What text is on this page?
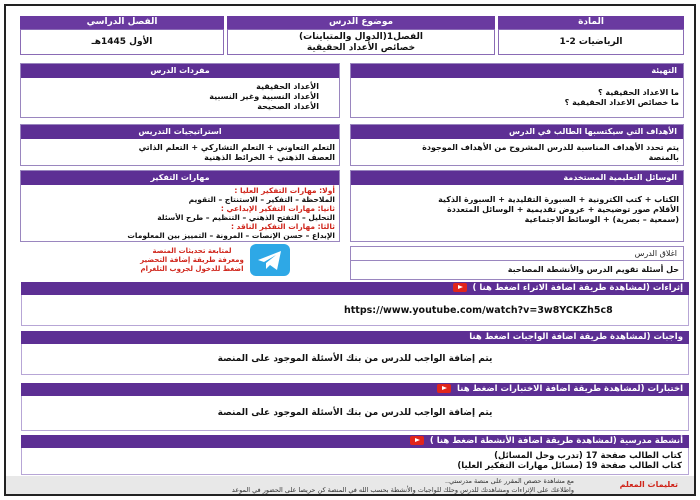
المادة
موضوع الدرس
الفصل الدراسي
الرياضيات 2-1
الفصل1(الدوال والمتباينات)
خصائص الأعداد الحقيقية
الأول 1445هـ
مفردات الدرس
الأعداد الحقيقية
الأعداد النسبية وغير النسبية
الأعداد الصحيحة
التهيئة
ما الاعداد الحقيقية ؟
ما خصائص الاعداد الحقيقية ؟
استراتيجيات التدريس
التعلم التعاوني + التعلم التشاركي + التعلم الذاتي
العصف الذهني + الخرائط الذهنية
الأهداف التي سيكتسبها الطالب في الدرس
يتم تحدد الأهداف المناسبة للدرس المشروح من الأهداف الموجودة
بالمنصة
مهارات التفكير
أولا: مهارات التفكير العليا :
الملاحظة – التفكير – الاستنتاج – التقويم
ثانيا: مهارات التفكير الإبداعي :
التحليل – التفتح الذهني – التنظيم – طرح الأسئلة
ثالثا: مهارات التفكير الناقد :
الإبداع – حسن الإنصات – المرونة – التمييز بين المعلومات
الوسائل التعليمية المستخدمة
الكتاب + كتب الكترونية + السبورة التقليدية + السبورة الذكية
الأقلام صور توضيحية + عروض تقديمية + الوسائل المتعددة
(سمعية – بصرية) + الوسائط الاجتماعية
لمتابعة تحديثات المنصة
ومعرفة طريقة إضافة التحضير
اضغط للدخول لجروب التلغرام
اغلاق الدرس
حل أسئلة تقويم الدرس والأنشطة المصاحبة
إثراءات (لمشاهدة طريقة اضافة الاثراء اضغط هنا )
https://www.youtube.com/watch?v=3w8YCKZh5c8
واجبات (لمشاهدة طريقة اضافة الواجبات اضغط هنا
يتم إضافة الواجب للدرس من بنك الأسئلة الموجود على المنصة
اختبارات (لمشاهدة طريقة اضافة الاختبارات اضغط هنا
يتم إضافة الواجب للدرس من بنك الأسئلة الموجود على المنصة
أنشطة مدرسية (لمشاهدة طريقة اضافة الأنشطة اضغط هنا )
كتاب الطالب صفحة 17 (تدرب وحل المسائل)
كتاب الطالب صفحة 19 (مسائل مهارات التفكير العليا)
تعليمات المعلم
مع مشاهدة حصص المقرر على منصة مدرستي..
واطلاعك على الإثراءات ومشاهدتك للدرس وحلك للواجبات والأنشطة بحسب الله في المنصة كن حريصا على الحضور في الموعد
